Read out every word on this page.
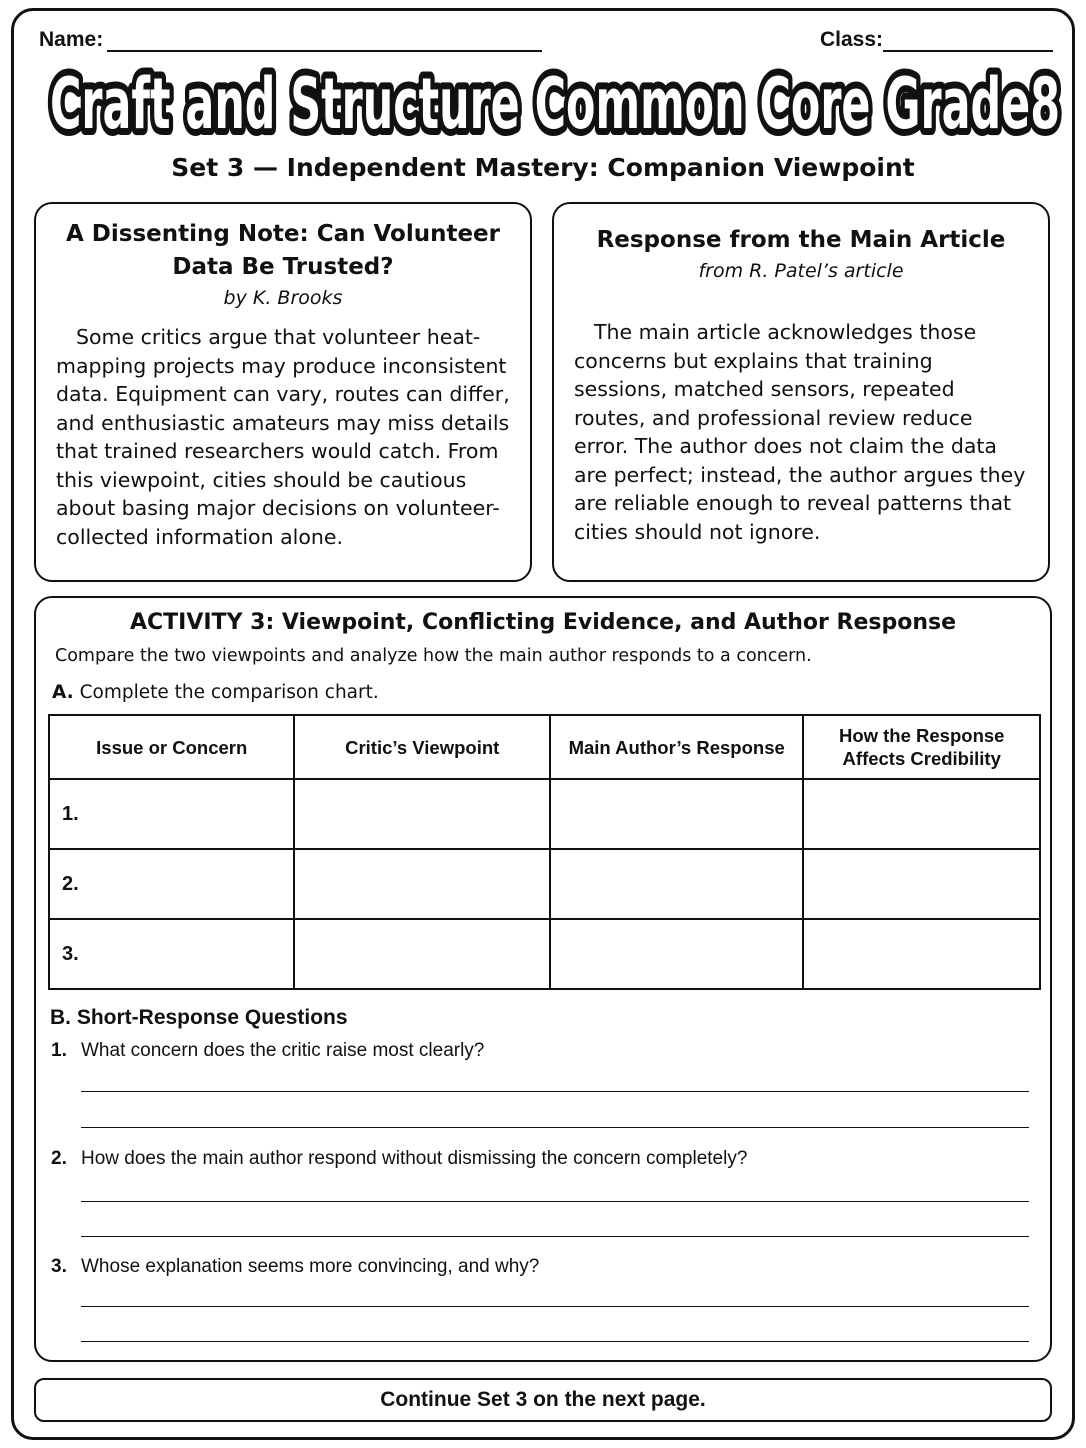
Name:	Class:
Craft and Structure Common Core Grade8
Set 3 — Independent Mastery: Companion Viewpoint
A Dissenting Note: Can Volunteer Data Be Trusted?
by K. Brooks
Some critics argue that volunteer heat-mapping projects may produce inconsistent data. Equipment can vary, routes can differ, and enthusiastic amateurs may miss details that trained researchers would catch. From this viewpoint, cities should be cautious about basing major decisions on volunteer-collected information alone.
Response from the Main Article
from R. Patel’s article
The main article acknowledges those concerns but explains that training sessions, matched sensors, repeated routes, and professional review reduce error. The author does not claim the data are perfect; instead, the author argues they are reliable enough to reveal patterns that cities should not ignore.
ACTIVITY 3: Viewpoint, Conflicting Evidence, and Author Response
Compare the two viewpoints and analyze how the main author responds to a concern.
A. Complete the comparison chart.
Issue or Concern	Critic’s Viewpoint	Main Author’s Response	How the Response Affects Credibility
1.			
2.			
3.			
B. Short-Response Questions
1. What concern does the critic raise most clearly?
2. How does the main author respond without dismissing the concern completely?
3. Whose explanation seems more convincing, and why?
Continue Set 3 on the next page.
